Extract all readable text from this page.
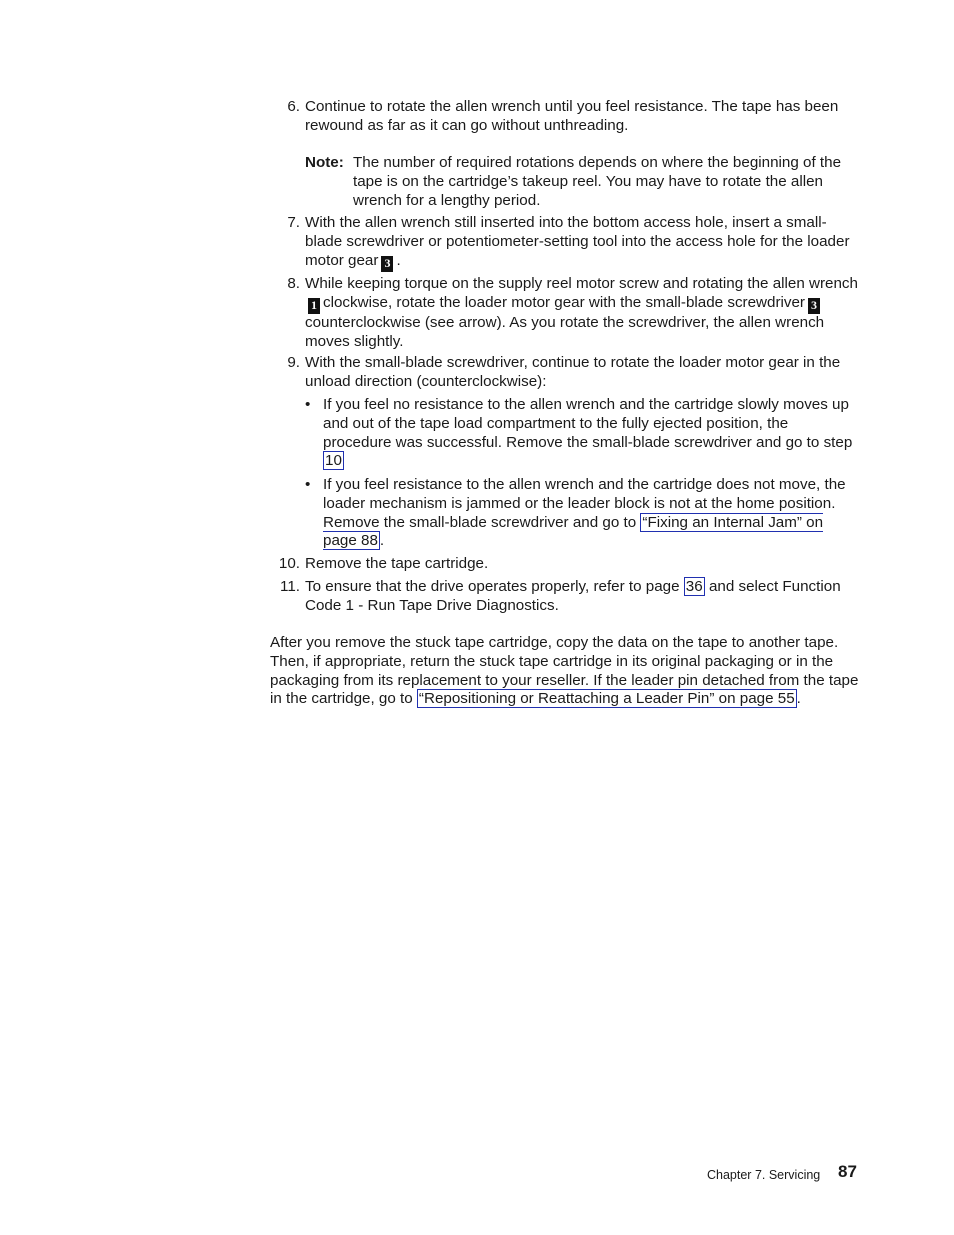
6. Continue to rotate the allen wrench until you feel resistance. The tape has been rewound as far as it can go without unthreading.
Note: The number of required rotations depends on where the beginning of the tape is on the cartridge’s takeup reel. You may have to rotate the allen wrench for a lengthy period.
7. With the allen wrench still inserted into the bottom access hole, insert a small-blade screwdriver or potentiometer-setting tool into the access hole for the loader motor gear 3 .
8. While keeping torque on the supply reel motor screw and rotating the allen wrench1 clockwise, rotate the loader motor gear with the small-blade screwdriver 3counterclockwise (see arrow). As you rotate the screwdriver, the allen wrench moves slightly.
9. With the small-blade screwdriver, continue to rotate the loader motor gear in the unload direction (counterclockwise):
• If you feel no resistance to the allen wrench and the cartridge slowly moves up and out of the tape load compartment to the fully ejected position, the procedure was successful. Remove the small-blade screwdriver and go to step 10
• If you feel resistance to the allen wrench and the cartridge does not move, the loader mechanism is jammed or the leader block is not at the home position. Remove the small-blade screwdriver and go to “Fixing an Internal Jam” on page 88 .
10. Remove the tape cartridge.
11. To ensure that the drive operates properly, refer to page 36 and select Function Code 1 - Run Tape Drive Diagnostics.
After you remove the stuck tape cartridge, copy the data on the tape to another tape. Then, if appropriate, return the stuck tape cartridge in its original packaging or in the packaging from its replacement to your reseller. If the leader pin detached from the tape in the cartridge, go to “Repositioning or Reattaching a Leader Pin” on page 55 .
Chapter 7. Servicing 87
